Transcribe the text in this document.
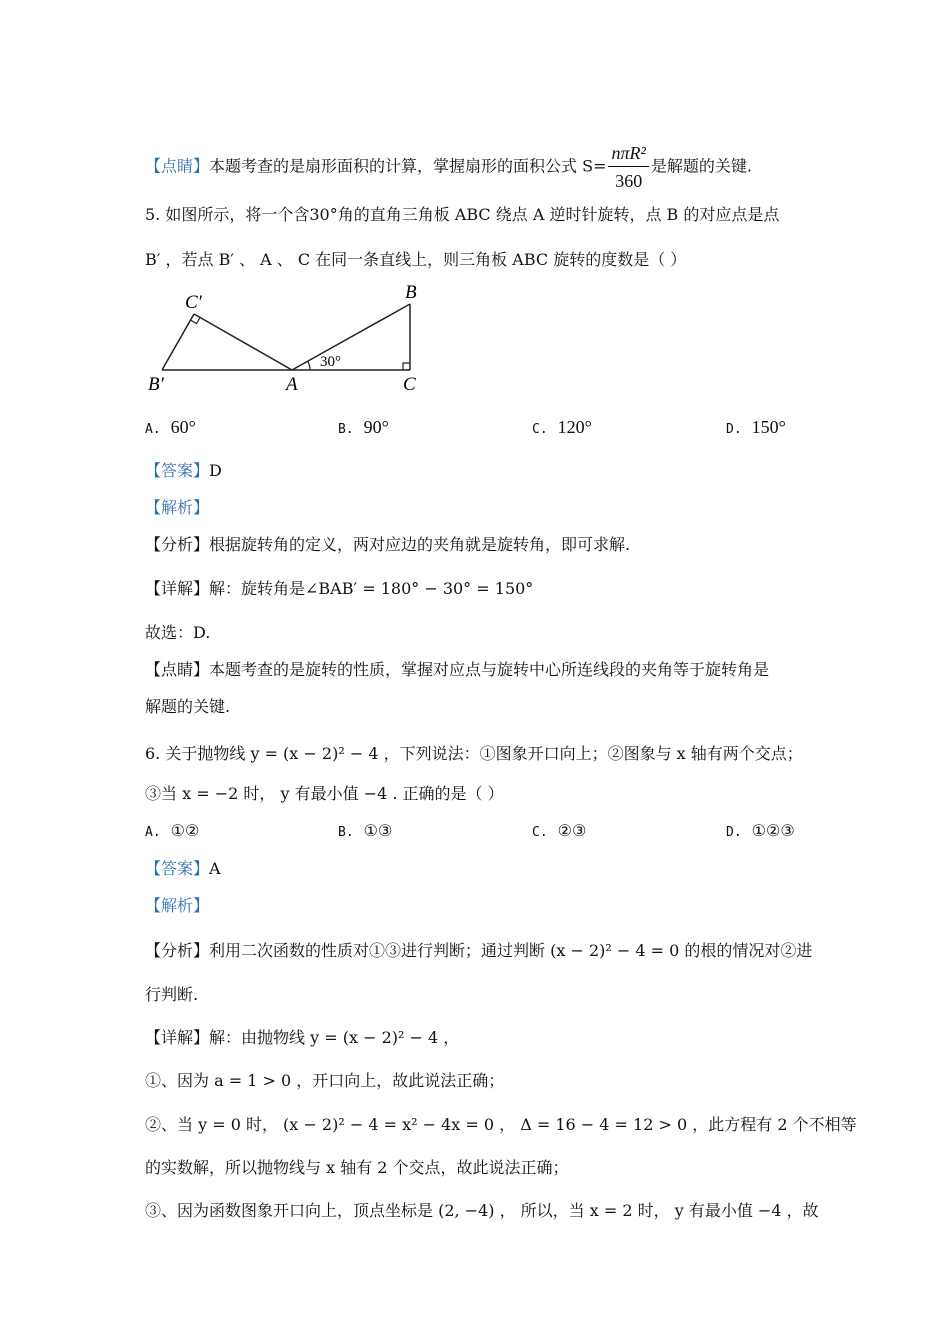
【点睛】本题考查的是扇形面积的计算，掌握扇形的面积公式 $S= \frac{\text{nπR²}}{360}$ 是解题的关键.
5. 如图所示，将一个含30°角的直角三角板 ABC 绕点 A 逆时针旋转，点 B 的对应点是点
B′ ，若点 B′ 、 A 、 C 在同一条直线上，则三角板 ABC 旋转的度数是（ ）
C′	B
B′	A	C
30°
A. 60°	B. 90°	C. 120°	D. 150°
【答案】D
【解析】
【分析】根据旋转角的定义，两对应边的夹角就是旋转角，即可求解.
【详解】解：旋转角是∠BAB′ = 180° − 30° = 150°
故选：D.
【点睛】本题考查的是旋转的性质，掌握对应点与旋转中心所连线段的夹角等于旋转角是
解题的关键.
6. 关于抛物线 y = (x − 2)² − 4 ，下列说法：①图象开口向上；②图象与 x 轴有两个交点；
③当 x = −2 时， y 有最小值 −4 . 正确的是（ ）
A. ①②	B. ①③	C. ②③	D. ①②③
【答案】A
【解析】
【分析】利用二次函数的性质对①③进行判断；通过判断 (x − 2)² − 4 = 0 的根的情况对②进
行判断.
【详解】解：由抛物线 y = (x − 2)² − 4 ，
①、因为 a = 1 > 0 ，开口向上，故此说法正确；
②、当 y = 0 时， (x − 2)² − 4 = x² − 4x = 0 ， Δ = 16 − 4 = 12 > 0 ，此方程有 2 个不相等
的实数解，所以抛物线与 x 轴有 2 个交点，故此说法正确；
③、因为函数图象开口向上，顶点坐标是 (2, −4) ， 所以，当 x = 2 时， y 有最小值 −4 ，故
